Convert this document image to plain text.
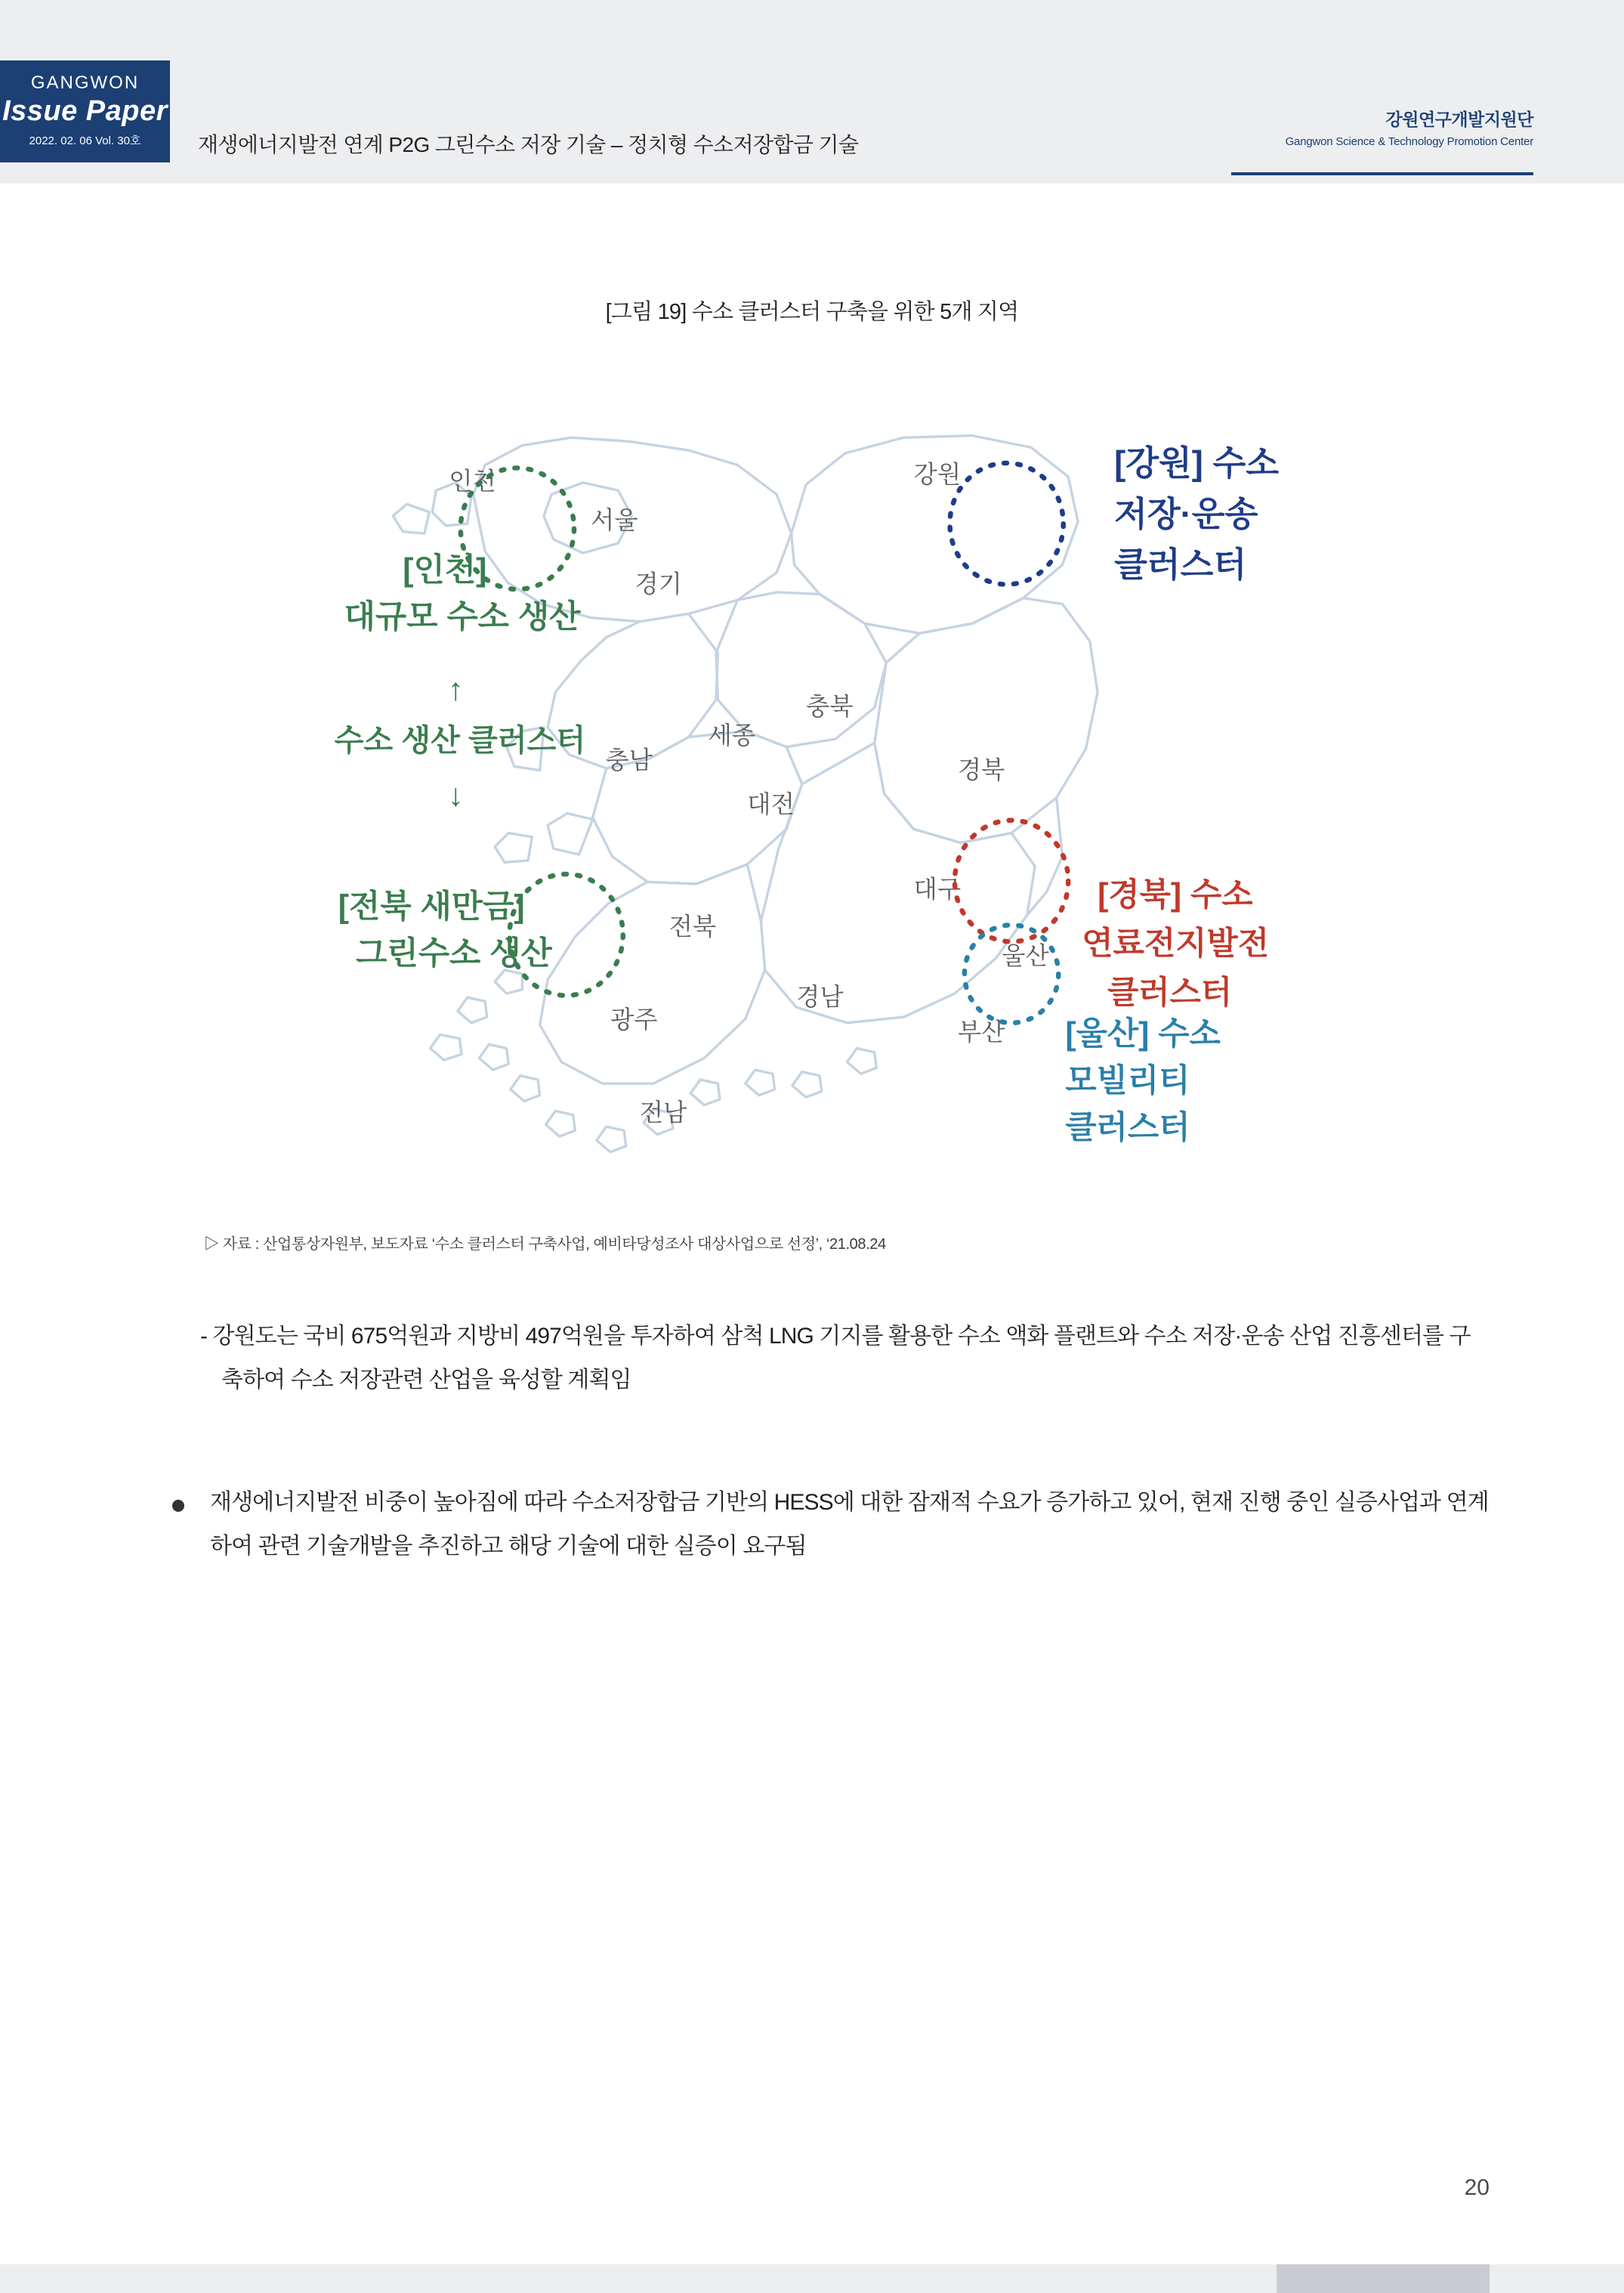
GANGWON
Issue Paper
2022. 02. 06 Vol. 30호	재생에너지발전 연계 P2G 그린수소 저장 기술 – 정치형 수소저장합금 기술
강원연구개발지원단
Gangwon Science & Technology Promotion Center
[그림 19] 수소 클러스터 구축을 위한 5개 지역
인천
서울
경기
강원
충북
세종
충남
대전
경북
전북
대구
울산
경남
부산
광주
전남
[인천]
대규모 수소 생산
↑
수소 생산 클러스터
↓
[전북 새만금]
그린수소 생산
[강원] 수소
저장·운송
클러스터
[경북] 수소
연료전지발전
클러스터
[울산] 수소
모빌리티
클러스터
▷ 자료 : 산업통상자원부, 보도자료 ‘수소 클러스터 구축사업, 예비타당성조사 대상사업으로 선정’, ‘21.08.24
- 강원도는 국비 675억원과 지방비 497억원을 투자하여 삼척 LNG 기지를 활용한 수소 액화 플랜트와 수소 저장·운송 산업 진흥센터를 구축하여 수소 저장관련 산업을 육성할 계획임
재생에너지발전 비중이 높아짐에 따라 수소저장합금 기반의 HESS에 대한 잠재적 수요가 증가하고 있어, 현재 진행 중인 실증사업과 연계하여 관련 기술개발을 추진하고 해당 기술에 대한 실증이 요구됨
20
